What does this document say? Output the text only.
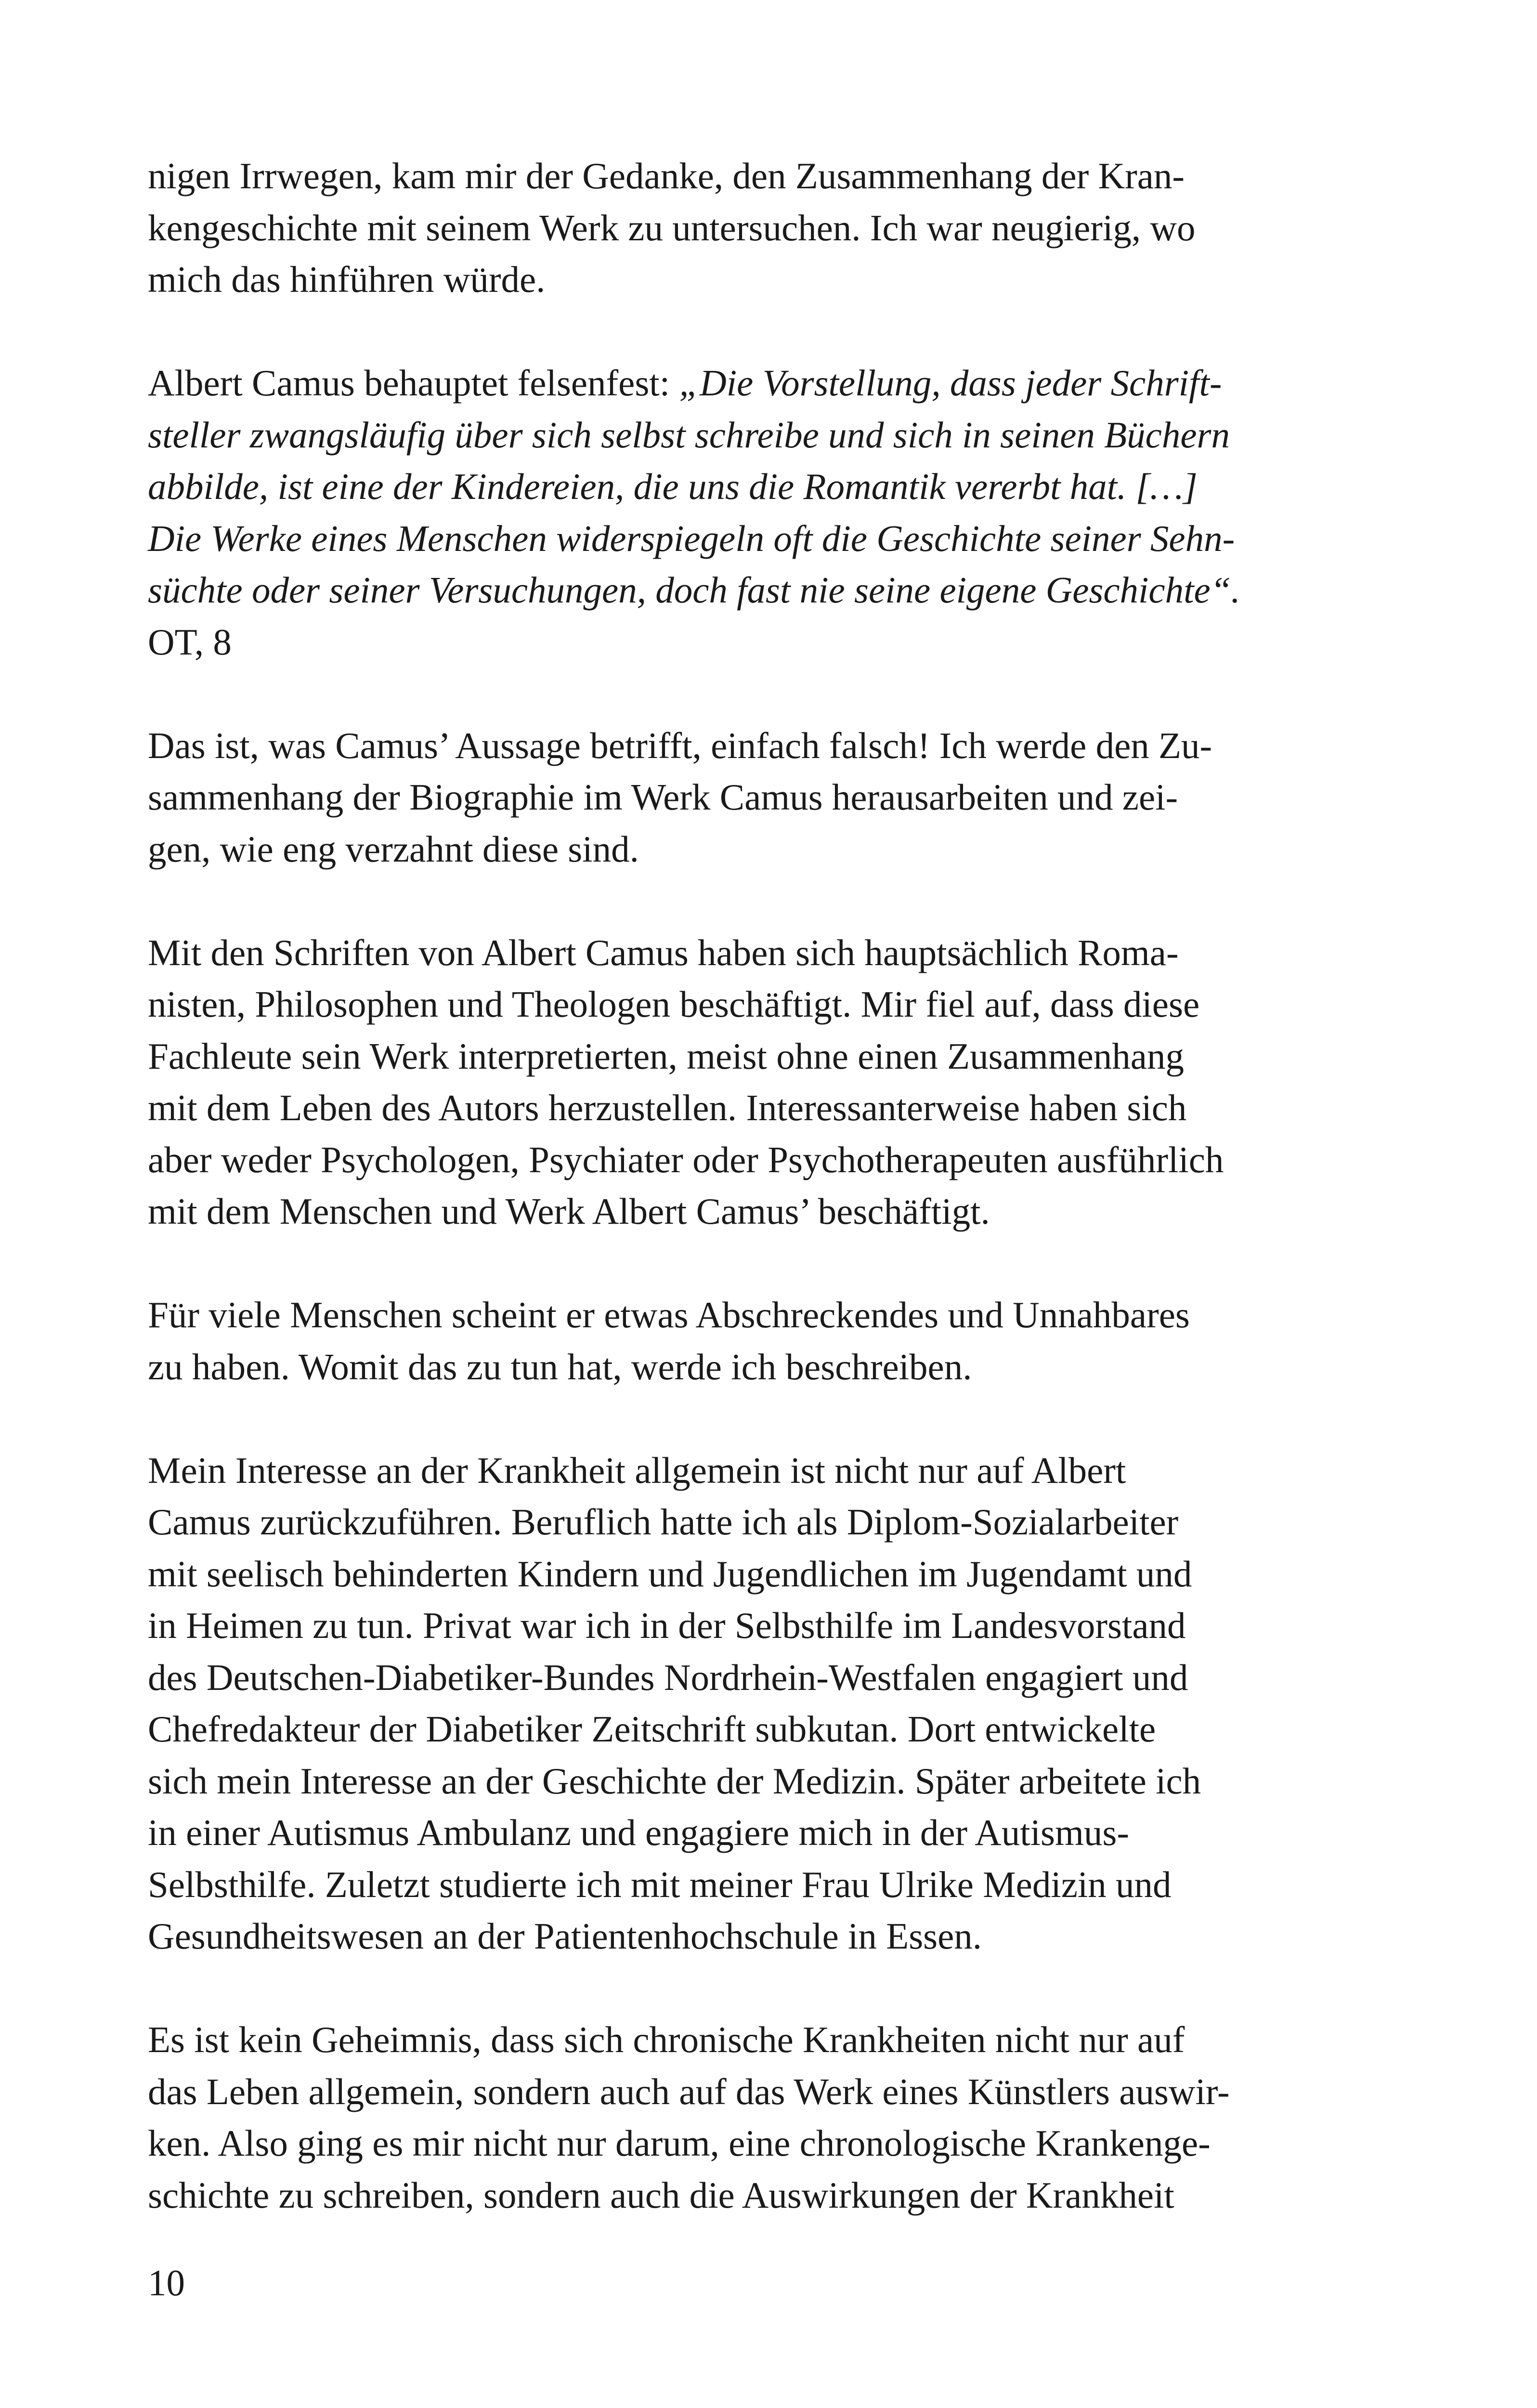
nigen Irrwegen, kam mir der Gedanke, den Zusammenhang der Kran-
kengeschichte mit seinem Werk zu untersuchen. Ich war neugierig, wo
mich das hinführen würde.

Albert Camus behauptet felsenfest: „Die Vorstellung, dass jeder Schrift-
steller zwangsläufig über sich selbst schreibe und sich in seinen Büchern
abbilde, ist eine der Kindereien, die uns die Romantik vererbt hat. […]
Die Werke eines Menschen widerspiegeln oft die Geschichte seiner Sehn-
süchte oder seiner Versuchungen, doch fast nie seine eigene Geschichte“.
OT, 8

Das ist, was Camus’ Aussage betrifft, einfach falsch! Ich werde den Zu-
sammenhang der Biographie im Werk Camus herausarbeiten und zei-
gen, wie eng verzahnt diese sind.

Mit den Schriften von Albert Camus haben sich hauptsächlich Roma-
nisten, Philosophen und Theologen beschäftigt. Mir fiel auf, dass diese
Fachleute sein Werk interpretierten, meist ohne einen Zusammenhang
mit dem Leben des Autors herzustellen. Interessanterweise haben sich
aber weder Psychologen, Psychiater oder Psychotherapeuten ausführlich
mit dem Menschen und Werk Albert Camus’ beschäftigt.

Für viele Menschen scheint er etwas Abschreckendes und Unnahbares
zu haben. Womit das zu tun hat, werde ich beschreiben.

Mein Interesse an der Krankheit allgemein ist nicht nur auf Albert
Camus zurückzuführen. Beruflich hatte ich als Diplom-Sozialarbeiter
mit seelisch behinderten Kindern und Jugendlichen im Jugendamt und
in Heimen zu tun. Privat war ich in der Selbsthilfe im Landesvorstand
des Deutschen-Diabetiker-Bundes Nordrhein-Westfalen engagiert und
Chefredakteur der Diabetiker Zeitschrift subkutan. Dort entwickelte
sich mein Interesse an der Geschichte der Medizin. Später arbeitete ich
in einer Autismus Ambulanz und engagiere mich in der Autismus-
Selbsthilfe. Zuletzt studierte ich mit meiner Frau Ulrike Medizin und
Gesundheitswesen an der Patientenhochschule in Essen.

Es ist kein Geheimnis, dass sich chronische Krankheiten nicht nur auf
das Leben allgemein, sondern auch auf das Werk eines Künstlers auswir-
ken. Also ging es mir nicht nur darum, eine chronologische Krankenge-
schichte zu schreiben, sondern auch die Auswirkungen der Krankheit

10
